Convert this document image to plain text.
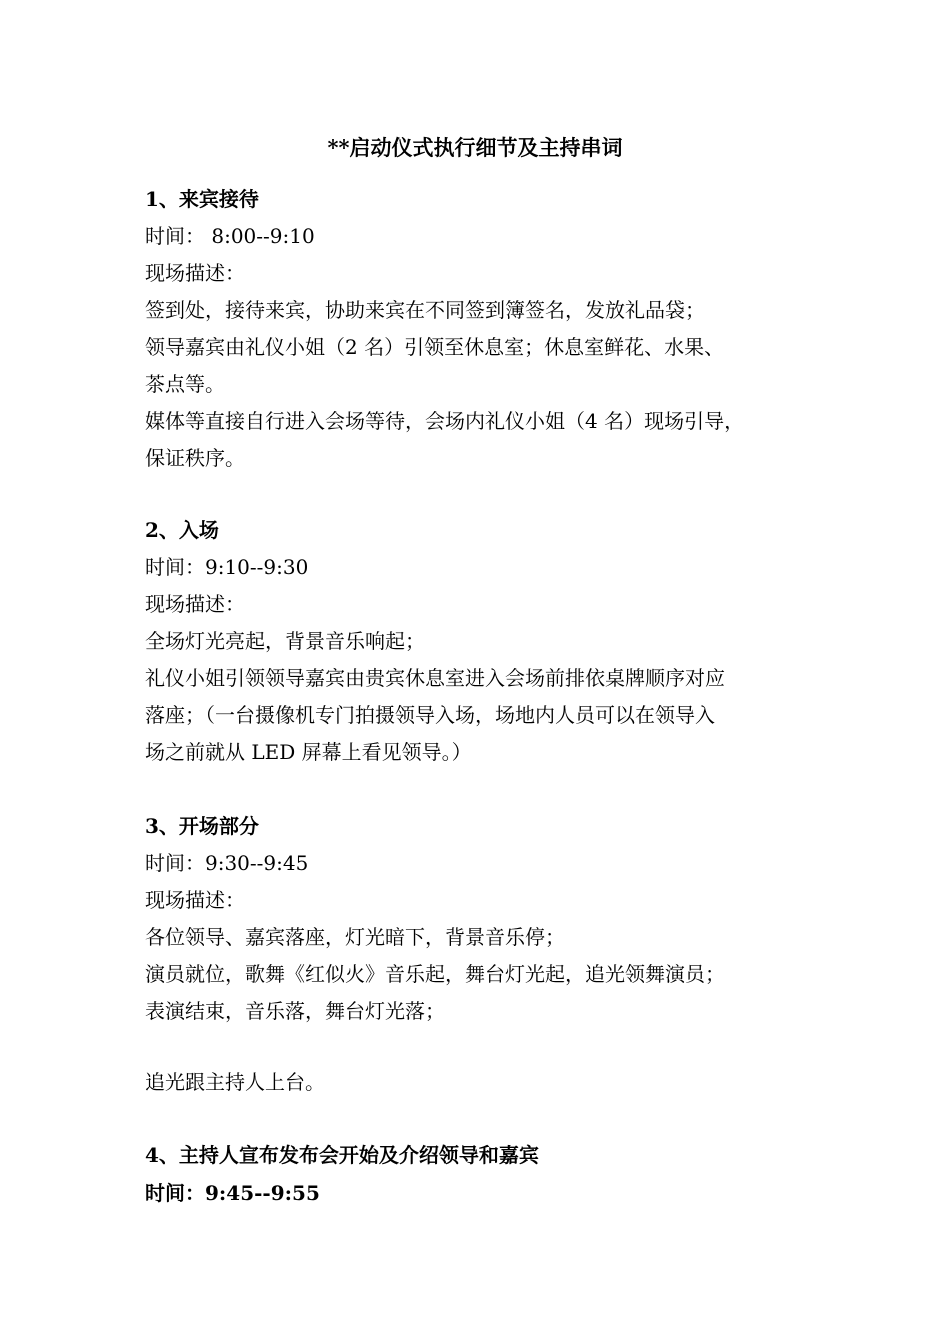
**启动仪式执行细节及主持串词
1、来宾接待
时间： 8:00--9:10
现场描述：
签到处，接待来宾，协助来宾在不同签到簿签名，发放礼品袋；
领导嘉宾由礼仪小姐（2 名）引领至休息室；休息室鲜花、水果、
茶点等。
媒体等直接自行进入会场等待，会场内礼仪小姐（4 名）现场引导，
保证秩序。
2、入场
时间：9:10--9:30
现场描述：
全场灯光亮起，背景音乐响起；
礼仪小姐引领领导嘉宾由贵宾休息室进入会场前排依桌牌顺序对应
落座；（一台摄像机专门拍摄领导入场，场地内人员可以在领导入
场之前就从 LED 屏幕上看见领导。）
3、开场部分
时间：9:30--9:45
现场描述：
各位领导、嘉宾落座，灯光暗下，背景音乐停；
演员就位，歌舞《红似火》音乐起，舞台灯光起，追光领舞演员；
表演结束，音乐落，舞台灯光落；
追光跟主持人上台。
4、主持人宣布发布会开始及介绍领导和嘉宾
时间：9:45--9:55
